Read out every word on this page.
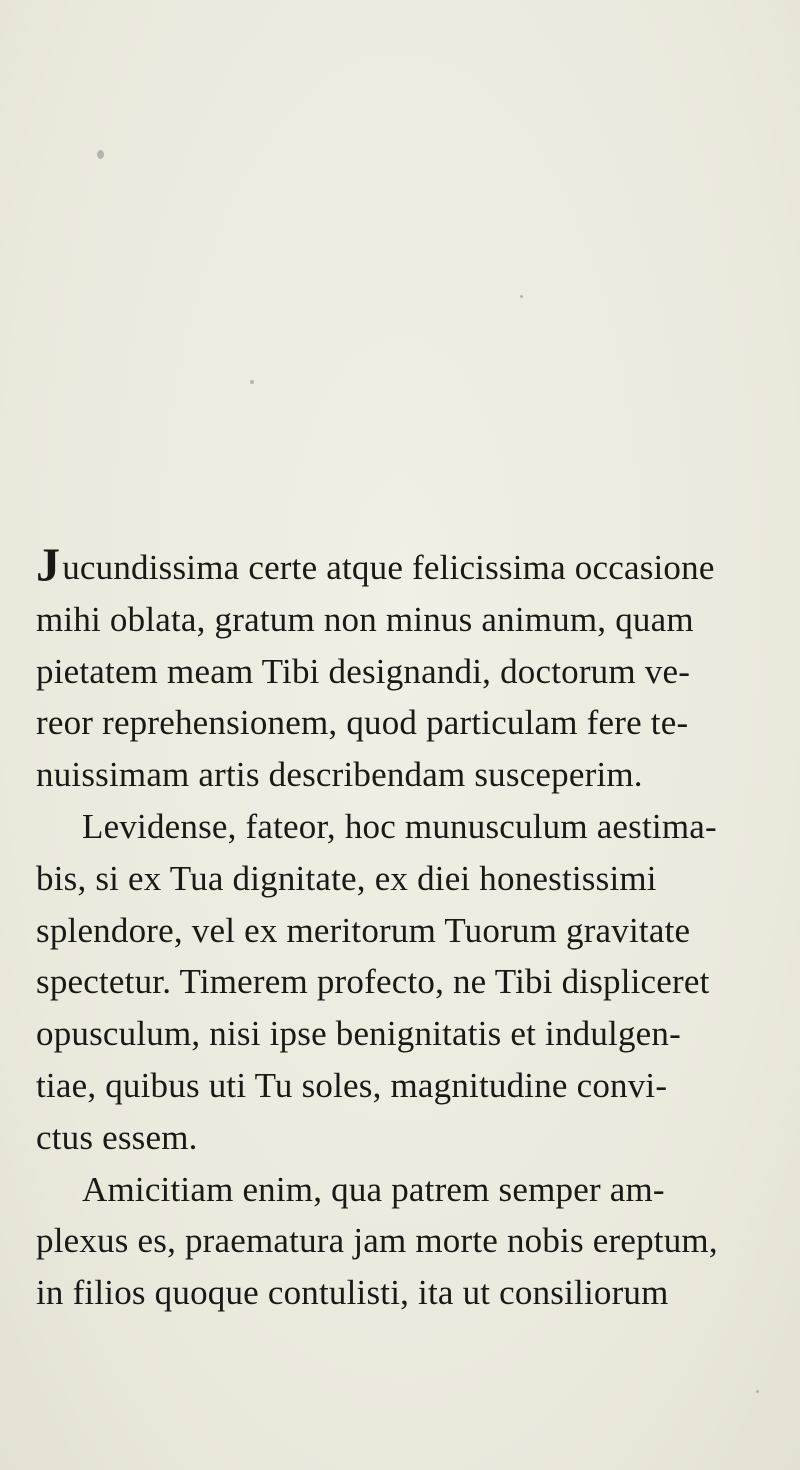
Jucundissima certe atque felicissima occasione
mihi oblata, gratum non minus animum, quam
pietatem meam Tibi designandi, doctorum ve-
reor reprehensionem, quod particulam fere te-
nuissimam artis describendam susceperim.
Levidense, fateor, hoc munusculum aestima-
bis, si ex Tua dignitate, ex diei honestissimi
splendore, vel ex meritorum Tuorum gravitate
spectetur. Timerem profecto, ne Tibi displiceret
opusculum, nisi ipse benignitatis et indulgen-
tiae, quibus uti Tu soles, magnitudine convi-
ctus essem.
Amicitiam enim, qua patrem semper am-
plexus es, praematura jam morte nobis ereptum,
in filios quoque contulisti, ita ut consiliorum
